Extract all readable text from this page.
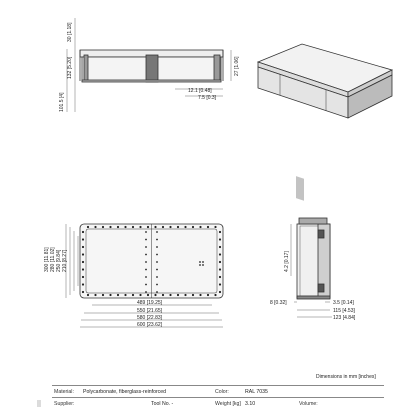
27 [1.06]
101.5 [4]
132 [5.20]
30 [1.18]
12.1 [0.48]
7.5 [0.3]
300 [11.81] 280 [11.02] 250 [9.84] 210 [8.27]
489 [19.25]
550 [21.65]
580 [22.83]
600 [23.62]
4.2 [0.17]
8 [0.32]	3.5 [0.14]
115 [4.53]
123 [4.84]
Dimensions in mm [inches]
Material:	Polycarbonate, fiberglass-reinforced	Color:	RAL 7035		
Supplier:	Tool No. -	Weight [kg]	3.10	Volume:	
